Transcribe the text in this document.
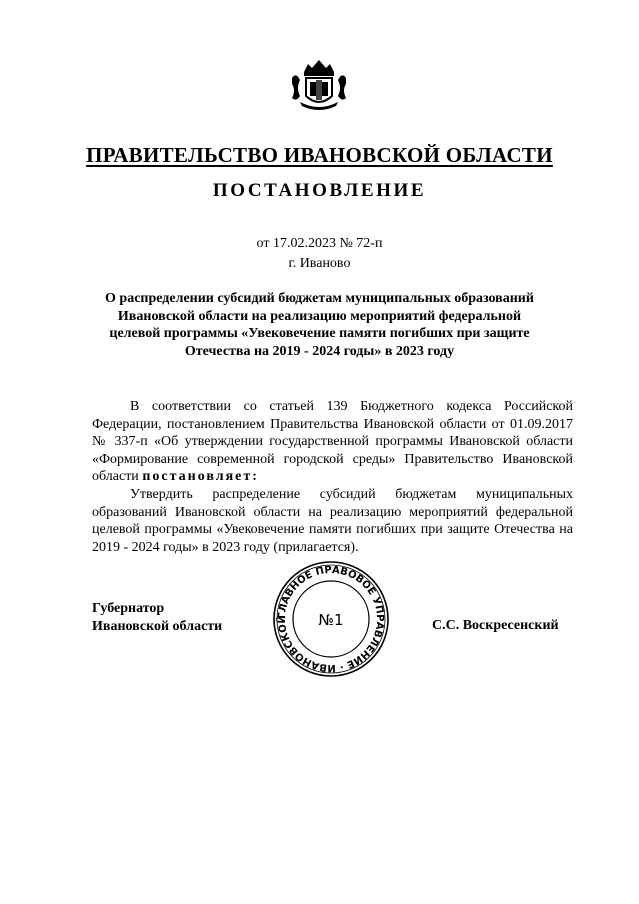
ПРАВИТЕЛЬСТВО ИВАНОВСКОЙ ОБЛАСТИ
ПОСТАНОВЛЕНИЕ
от 17.02.2023 № 72-п
г. Иваново
О распределении субсидий бюджетам муниципальных образований Ивановской области на реализацию мероприятий федеральной целевой программы «Увековечение памяти погибших при защите Отечества на 2019 - 2024 годы» в 2023 году

В соответствии со статьей 139 Бюджетного кодекса Российской Федерации, постановлением Правительства Ивановской области от 01.09.2017 № 337-п «Об утверждении государственной программы Ивановской области «Формирование современной городской среды» Правительство Ивановской области постановляет:

Утвердить распределение субсидий бюджетам муниципальных образований Ивановской области на реализацию мероприятий федеральной целевой программы «Увековечение памяти погибших при защите Отечества на 2019 - 2024 годы» в 2023 году (прилагается).

Губернатор
Ивановской области
ГЛАВНОЕ ПРАВОВОЕ УПРАВЛЕНИЕ · ИВАНОВСКОЙ	№1	С.С. Воскресенский
